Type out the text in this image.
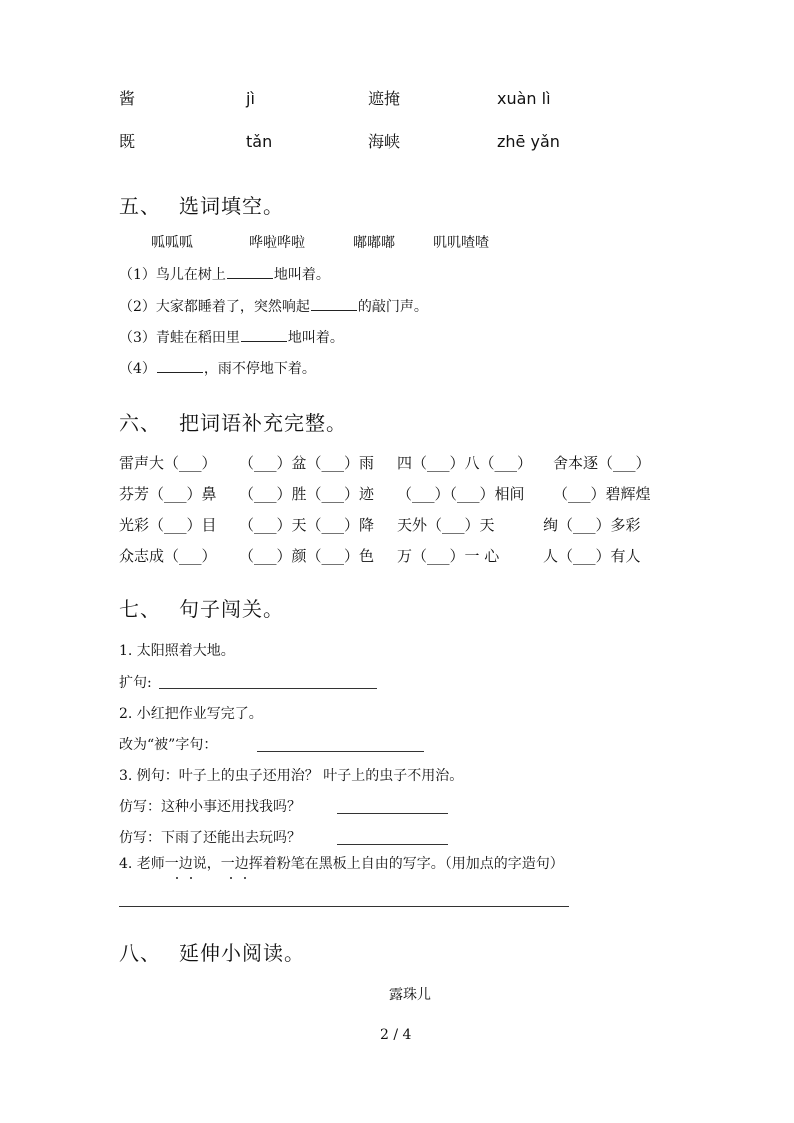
酱	jì	遮掩	xuàn lì
既	tǎn	海峡	zhē yǎn
五、 选词填空。
呱呱呱	哗啦哗啦	嘟嘟嘟	叽叽喳喳
（1）鸟儿在树上	地叫着。
（2）大家都睡着了，突然响起	的敲门声。
（3）青蛙在稻田里	地叫着。
（4）	，雨不停地下着。
六、 把词语补充完整。
雷声大（___） （___）盆（___）雨 四（___）八（___） 舍本逐（___）
芬芳（___）鼻 （___）胜（___）迹 （___）（___）相间 （___）碧辉煌
光彩（___）目 （___）天（___）降 天外（___）天	绚（___）多彩
众志成（___） （___）颜（___）色 万（___）一 心	人（___）有人
七、 句子闯关。
1. 太阳照着大地。
扩句:
2. 小红把作业写完了。
改为“被”字句：
3. 例句：叶子上的虫子还用治？ 叶子上的虫子不用治。
仿写：这种小事还用找我吗？
仿写：下雨了还能出去玩吗？
4. 老师一边说，一边挥着粉笔在黑板上自由的写字。（用加点的字造句）
八、 延伸小阅读。
露珠儿
2 / 4
